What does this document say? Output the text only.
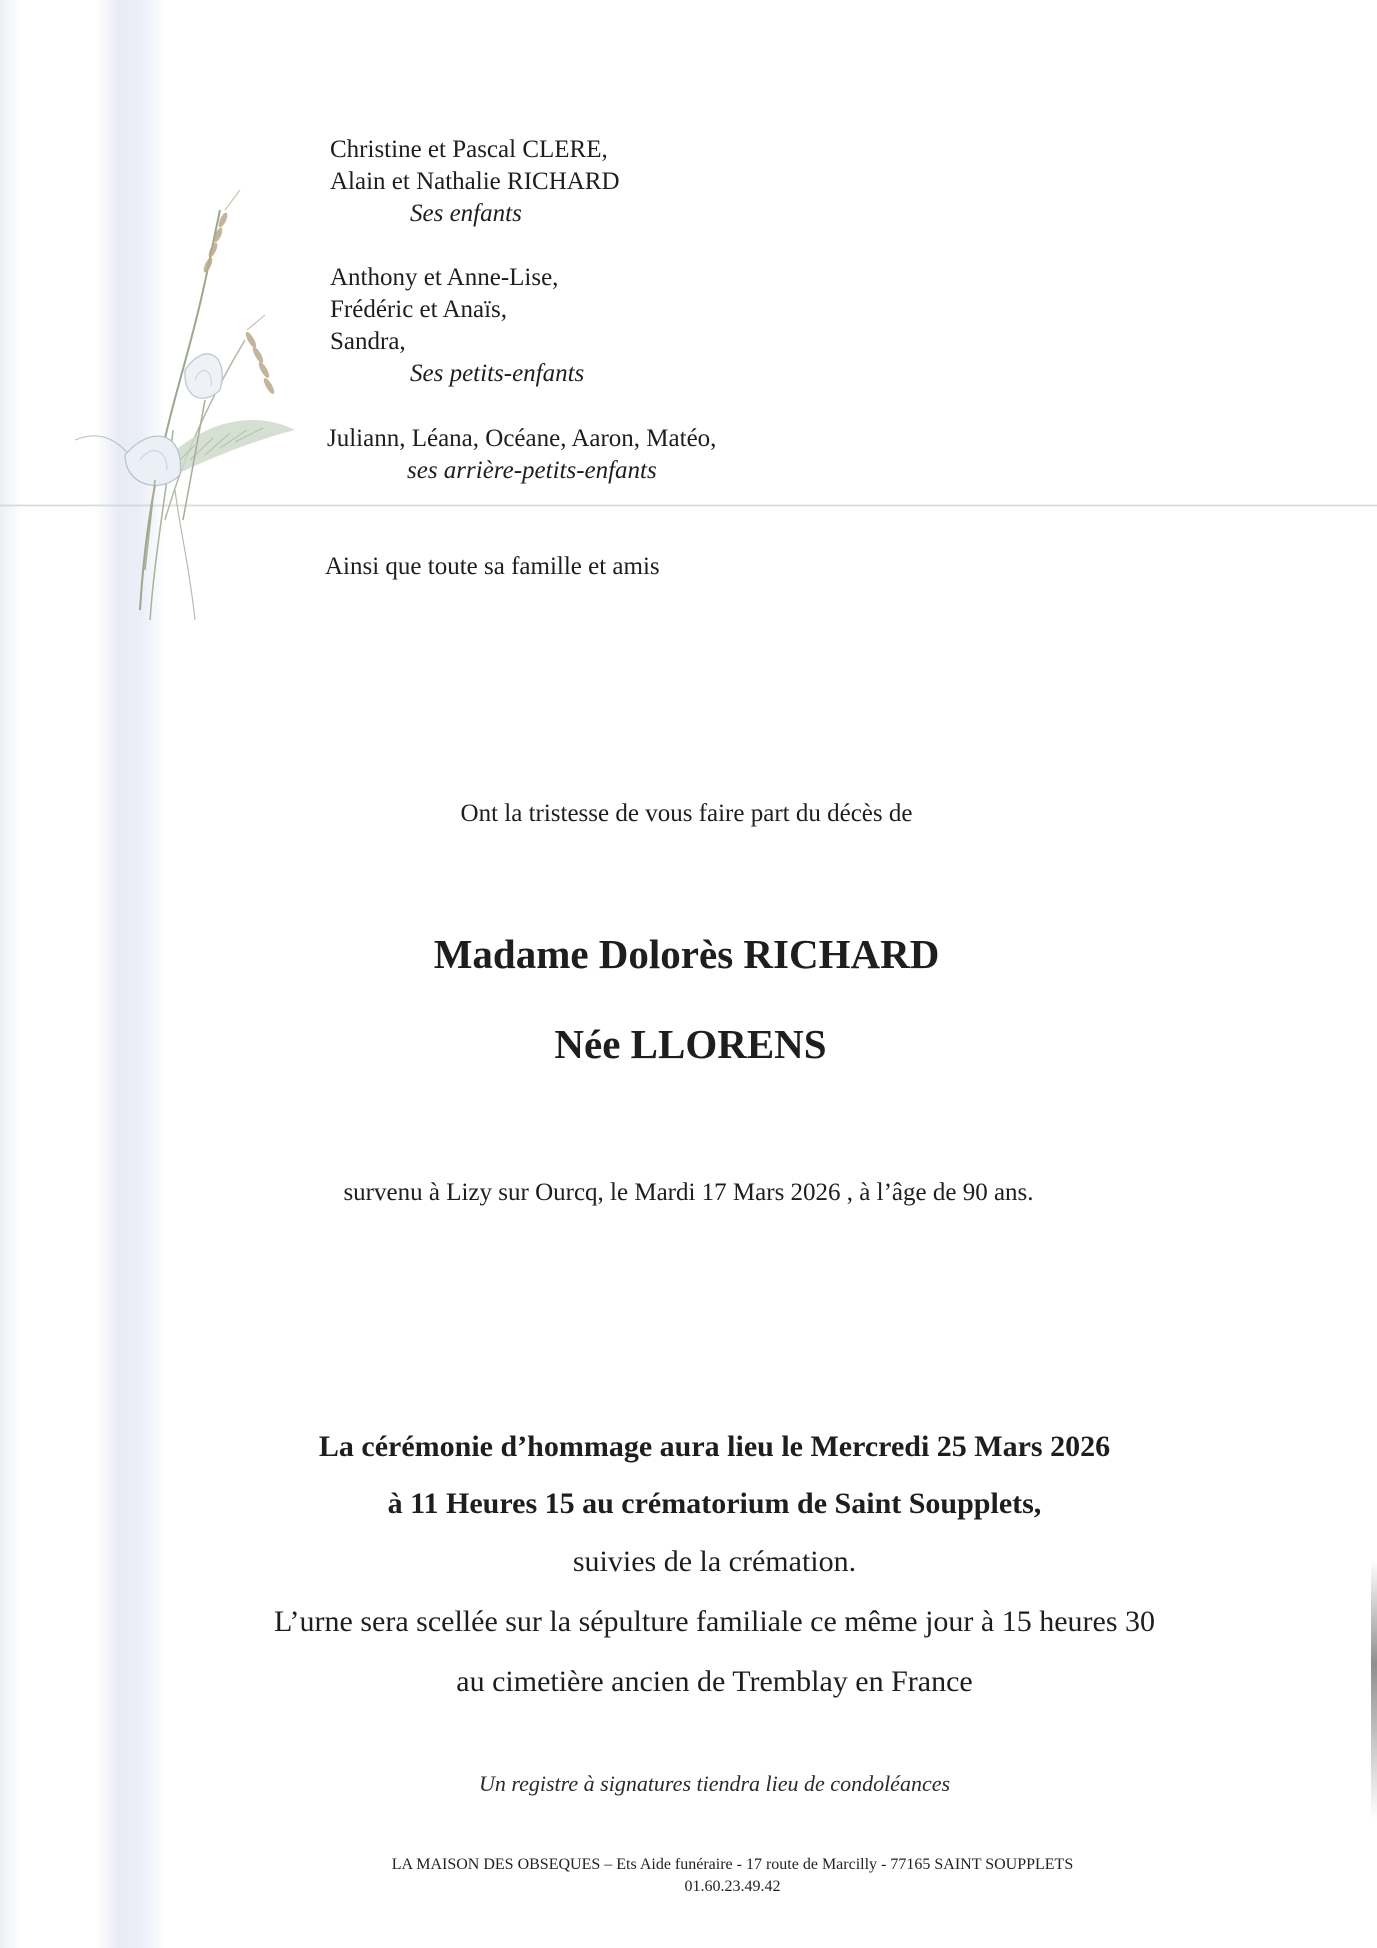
Christine et Pascal CLERE,
Alain et Nathalie RICHARD
Ses enfants
Anthony et Anne-Lise,
Frédéric et Anaïs,
Sandra,
Ses petits-enfants
Juliann, Léana, Océane, Aaron, Matéo,
ses arrière-petits-enfants
Ainsi que toute sa famille et amis
Ont la tristesse de vous faire part du décès de
Madame Dolorès RICHARD
Née LLORENS
survenu à Lizy sur Ourcq, le Mardi 17 Mars 2026 , à l’âge de 90 ans.
La cérémonie d’hommage aura lieu le Mercredi 25 Mars 2026
à 11 Heures 15 au crématorium de Saint Soupplets,
suivies de la crémation.
L’urne sera scellée sur la sépulture familiale ce même jour à 15 heures 30
au cimetière ancien de Tremblay en France
Un registre à signatures tiendra lieu de condoléances
LA MAISON DES OBSEQUES – Ets Aide funéraire - 17 route de Marcilly - 77165 SAINT SOUPPLETS
01.60.23.49.42
